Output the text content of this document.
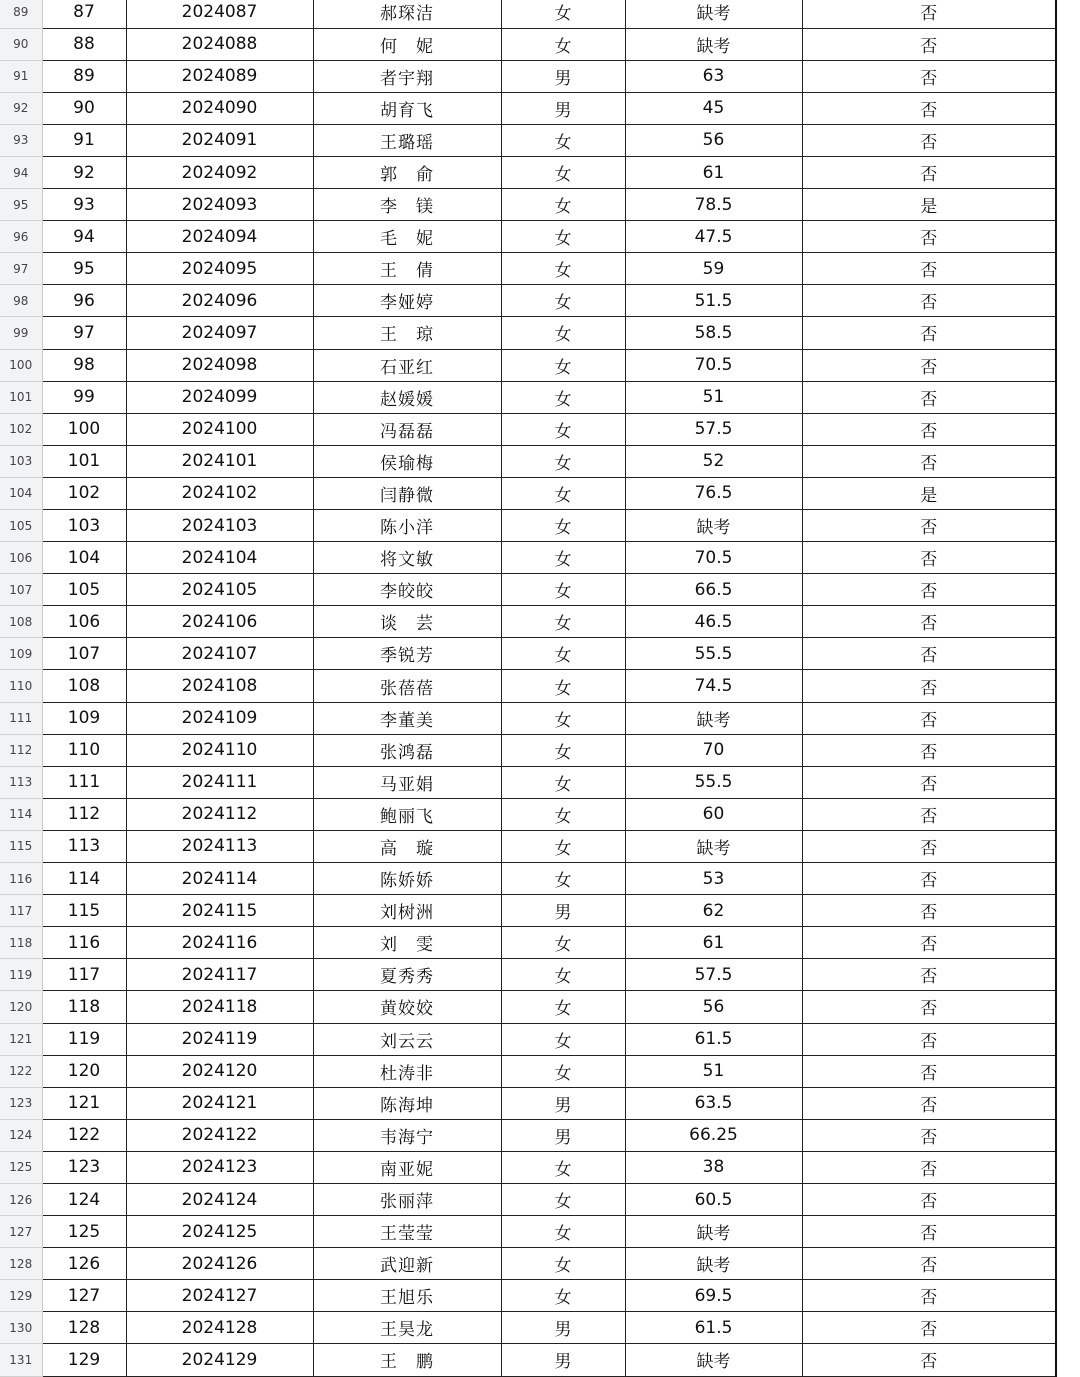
89	87	2024087	郝琛洁	女	缺考	否	
90	88	2024088	何　妮	女	缺考	否	
91	89	2024089	者宇翔	男	63	否	
92	90	2024090	胡育飞	男	45	否	
93	91	2024091	王璐瑶	女	56	否	
94	92	2024092	郭　俞	女	61	否	
95	93	2024093	李　镁	女	78.5	是	
96	94	2024094	毛　妮	女	47.5	否	
97	95	2024095	王　倩	女	59	否	
98	96	2024096	李娅婷	女	51.5	否	
99	97	2024097	王　琼	女	58.5	否	
100	98	2024098	石亚红	女	70.5	否	
101	99	2024099	赵媛媛	女	51	否	
102	100	2024100	冯磊磊	女	57.5	否	
103	101	2024101	侯瑜梅	女	52	否	
104	102	2024102	闫静微	女	76.5	是	
105	103	2024103	陈小洋	女	缺考	否	
106	104	2024104	将文敏	女	70.5	否	
107	105	2024105	李皎皎	女	66.5	否	
108	106	2024106	谈　芸	女	46.5	否	
109	107	2024107	季锐芳	女	55.5	否	
110	108	2024108	张蓓蓓	女	74.5	否	
111	109	2024109	李董美	女	缺考	否	
112	110	2024110	张鸿磊	女	70	否	
113	111	2024111	马亚娟	女	55.5	否	
114	112	2024112	鲍丽飞	女	60	否	
115	113	2024113	高　璇	女	缺考	否	
116	114	2024114	陈娇娇	女	53	否	
117	115	2024115	刘树洲	男	62	否	
118	116	2024116	刘　雯	女	61	否	
119	117	2024117	夏秀秀	女	57.5	否	
120	118	2024118	黄姣姣	女	56	否	
121	119	2024119	刘云云	女	61.5	否	
122	120	2024120	杜涛非	女	51	否	
123	121	2024121	陈海坤	男	63.5	否	
124	122	2024122	韦海宁	男	66.25	否	
125	123	2024123	南亚妮	女	38	否	
126	124	2024124	张丽萍	女	60.5	否	
127	125	2024125	王莹莹	女	缺考	否	
128	126	2024126	武迎新	女	缺考	否	
129	127	2024127	王旭乐	女	69.5	否	
130	128	2024128	王昊龙	男	61.5	否	
131	129	2024129	王　鹏	男	缺考	否	
